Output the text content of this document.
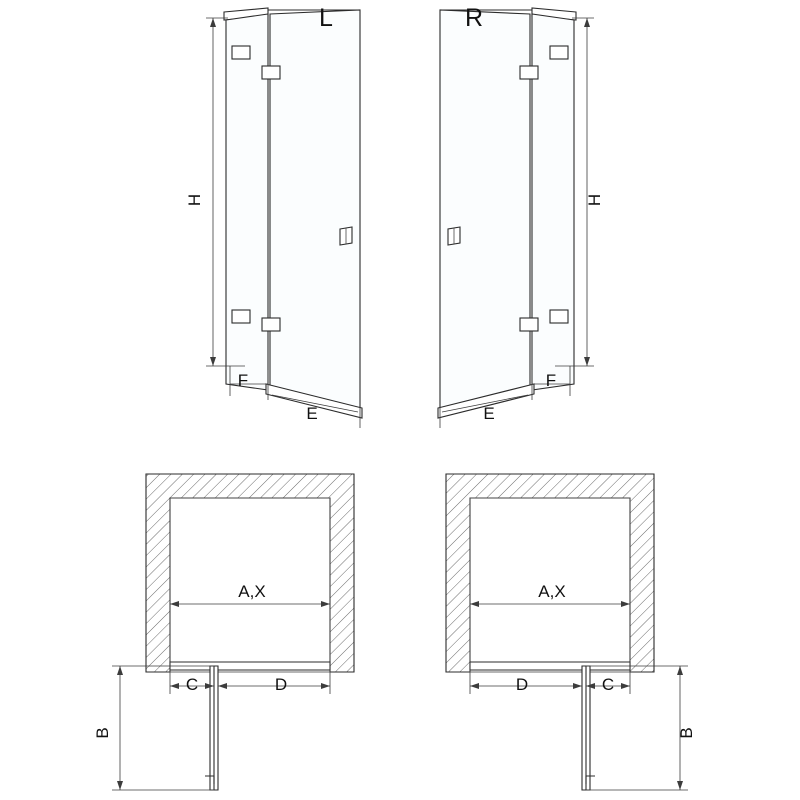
F
E
H
L
F
E
H
R
A,X
C	D
B
A,X
D	C
B
